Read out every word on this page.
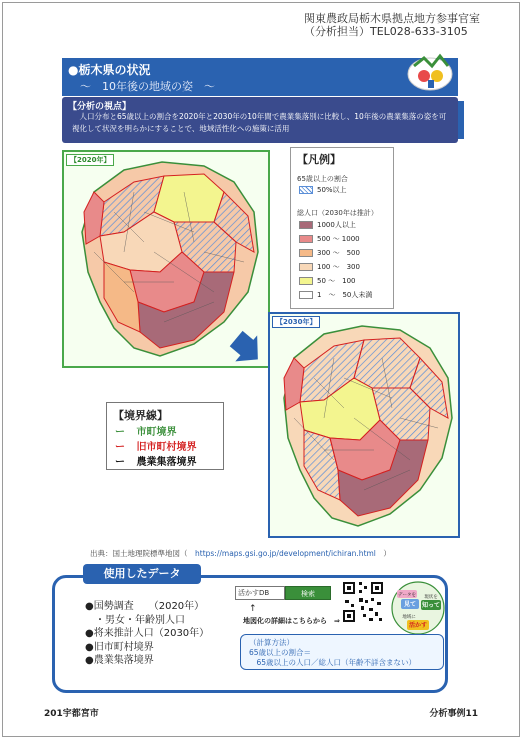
関東農政局栃木県拠点地方参事官室
（分析担当）TEL028-633-3105
●栃木県の状況
～　10年後の地域の姿　～
【分析の視点】
　人口分布と65歳以上の割合を2020年と2030年の10年間で農業集落別に比較し、10年後の農業集落の姿を可視化して状況を明らかにすることで、地域活性化への施策に活用
【2020年】	【凡例】
65歳以上の割合
50%以上
総人口（2030年は推計）
1000人以上
500 ～ 1000
300 ～　500
100 ～　300
50 ～　100
1　～　50人未満
【2030年】
【境界線】
ー 市町境界
ー 旧市町村境界
ー 農業集落境界
出典：国土地理院標準地図（　https://maps.gsi.go.jp/development/ichiran.html　）
使用したデータ
●国勢調査　　（2020年）
　・男女・年齢別人口
●将来推計人口（2030年）
●旧市町村境界
●農業集落境界
活かすDB	検索
↑
地図化の詳細はこちらから　⇒
データを
見て
現状を
知って
地域に
活かす
（計算方法）
65歳以上の割合＝
　65歳以上の人口／総人口（年齢不詳含まない）
201宇都宮市	分析事例11
